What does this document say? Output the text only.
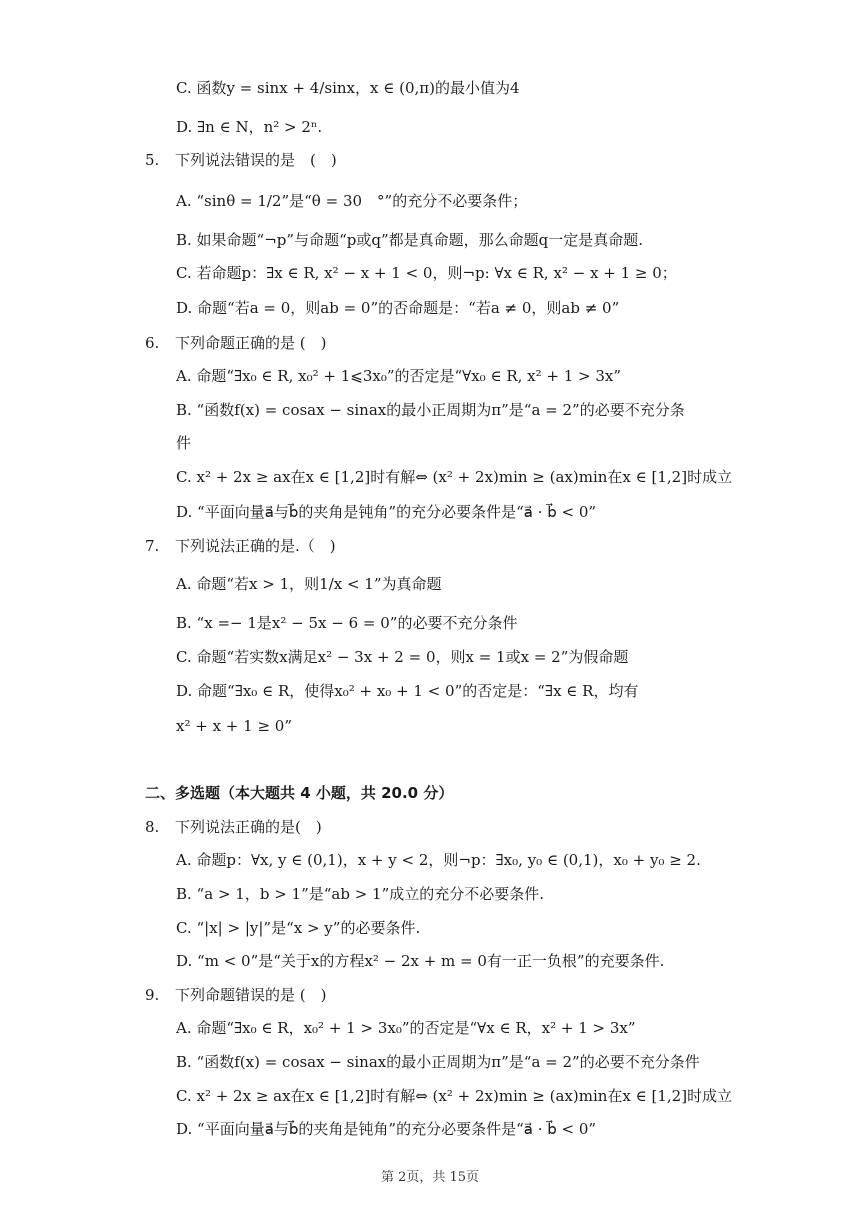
C. 函数y = sinx + 4/sinx，x ∈ (0,π)的最小值为4
D. ∃n ∈ N，n² > 2ⁿ.
5. 下列说法错误的是　(　)
A. “sinθ = 1/2”是“θ = 30　°”的充分不必要条件；
B. 如果命题“¬p”与命题“p或q”都是真命题，那么命题q一定是真命题.
C. 若命题p：∃x ∈ R, x² − x + 1 < 0，则¬p: ∀x ∈ R, x² − x + 1 ≥ 0；
D. 命题“若a = 0，则ab = 0”的否命题是：“若a ≠ 0，则ab ≠ 0”
6. 下列命题正确的是 (　)
A. 命题“∃x₀ ∈ R, x₀² + 1⩽3x₀”的否定是“∀x₀ ∈ R, x² + 1 > 3x”
B. “函数f(x) = cosax − sinax的最小正周期为π”是“a = 2”的必要不充分条
件
C. x² + 2x ≥ ax在x ∈ [1,2]时有解⇔ (x² + 2x)min ≥ (ax)min在x ∈ [1,2]时成立
D. “平面向量a⃗与b⃗的夹角是钝角”的充分必要条件是“a⃗ · b⃗ < 0”
7. 下列说法正确的是.（　)
A. 命题“若x > 1，则1/x < 1”为真命题
B. “x =− 1是x² − 5x − 6 = 0”的必要不充分条件
C. 命题“若实数x满足x² − 3x + 2 = 0，则x = 1或x = 2”为假命题
D. 命题“∃x₀ ∈ R，使得x₀² + x₀ + 1 < 0”的否定是：“∃x ∈ R，均有
x² + x + 1 ≥ 0”
二、多选题（本大题共 4 小题，共 20.0 分）
8. 下列说法正确的是(　)
A. 命题p：∀x, y ∈ (0,1)，x + y < 2，则¬p：∃x₀, y₀ ∈ (0,1)，x₀ + y₀ ≥ 2.
B. “a > 1，b > 1”是“ab > 1”成立的充分不必要条件.
C. “|x| > |y|”是“x > y”的必要条件.
D. “m < 0”是“关于x的方程x² − 2x + m = 0有一正一负根”的充要条件.
9. 下列命题错误的是 (　)
A. 命题“∃x₀ ∈ R，x₀² + 1 > 3x₀”的否定是“∀x ∈ R，x² + 1 > 3x”
B. “函数f(x) = cosax − sinax的最小正周期为π”是“a = 2”的必要不充分条件
C. x² + 2x ≥ ax在x ∈ [1,2]时有解⇔ (x² + 2x)min ≥ (ax)min在x ∈ [1,2]时成立
D. “平面向量a⃗与b⃗的夹角是钝角”的充分必要条件是“a⃗ · b⃗ < 0”
第 2页，共 15页
